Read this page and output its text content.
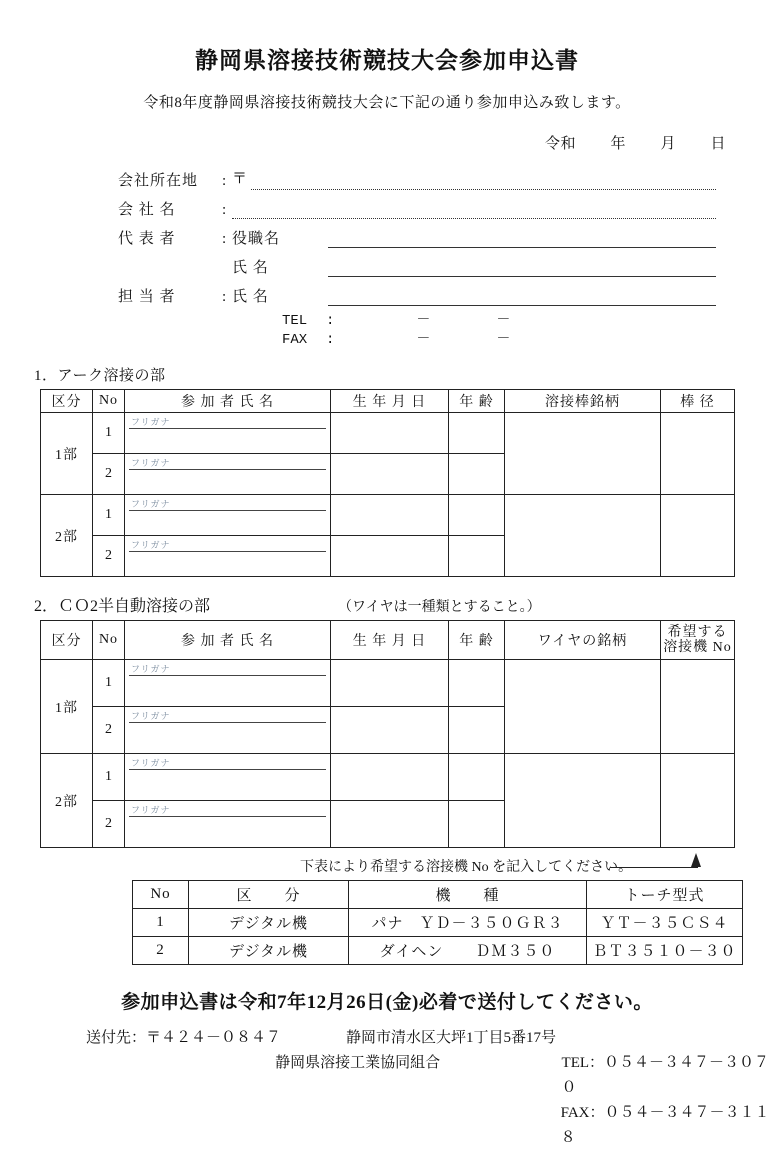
静岡県溶接技術競技大会参加申込書
令和8年度静岡県溶接技術競技大会に下記の通り参加申込み致します。
令和 年 月 日
会社所在地	: 〒
会 社 名	:
代 表 者	: 役職名
氏 名
担 当 者	: 氏 名
TEL :	－	－
FAX :	－	－
1．アーク溶接の部
区分	No	参 加 者 氏 名	生 年 月 日	年 齢	溶接棒銘柄	棒 径
1部	1	フリガナ				

	2	フリガナ				

2部	1	フリガナ				

	2	フリガナ				

2．ＣＯ2半自動溶接の部	（ワイヤは一種類とすること。）
区分	No	参 加 者 氏 名	生 年 月 日	年 齢	ワイヤの銘柄	希望する
溶接機 No

1部	1	フリガナ				

	2	フリガナ				

2部	1	フリガナ				

	2	フリガナ				

下表により希望する溶接機 No を記入してください。
No	区　　分	機　　種	トーチ型式
1	デジタル機	パナ　ＹＤ－３５０ＧＲ３	ＹＴ－３５ＣＳ４
2	デジタル機	ダイヘン　　ＤＭ３５０	ＢＴ３５１０－３０
参加申込書は令和7年12月26日(金)必着で送付してください。
送付先： 〒４２４－０８４７	静岡市清水区大坪1丁目5番17号
静岡県溶接工業協同組合	TEL：０５４－３４７－３０７０
FAX：０５４－３４７－３１１８
